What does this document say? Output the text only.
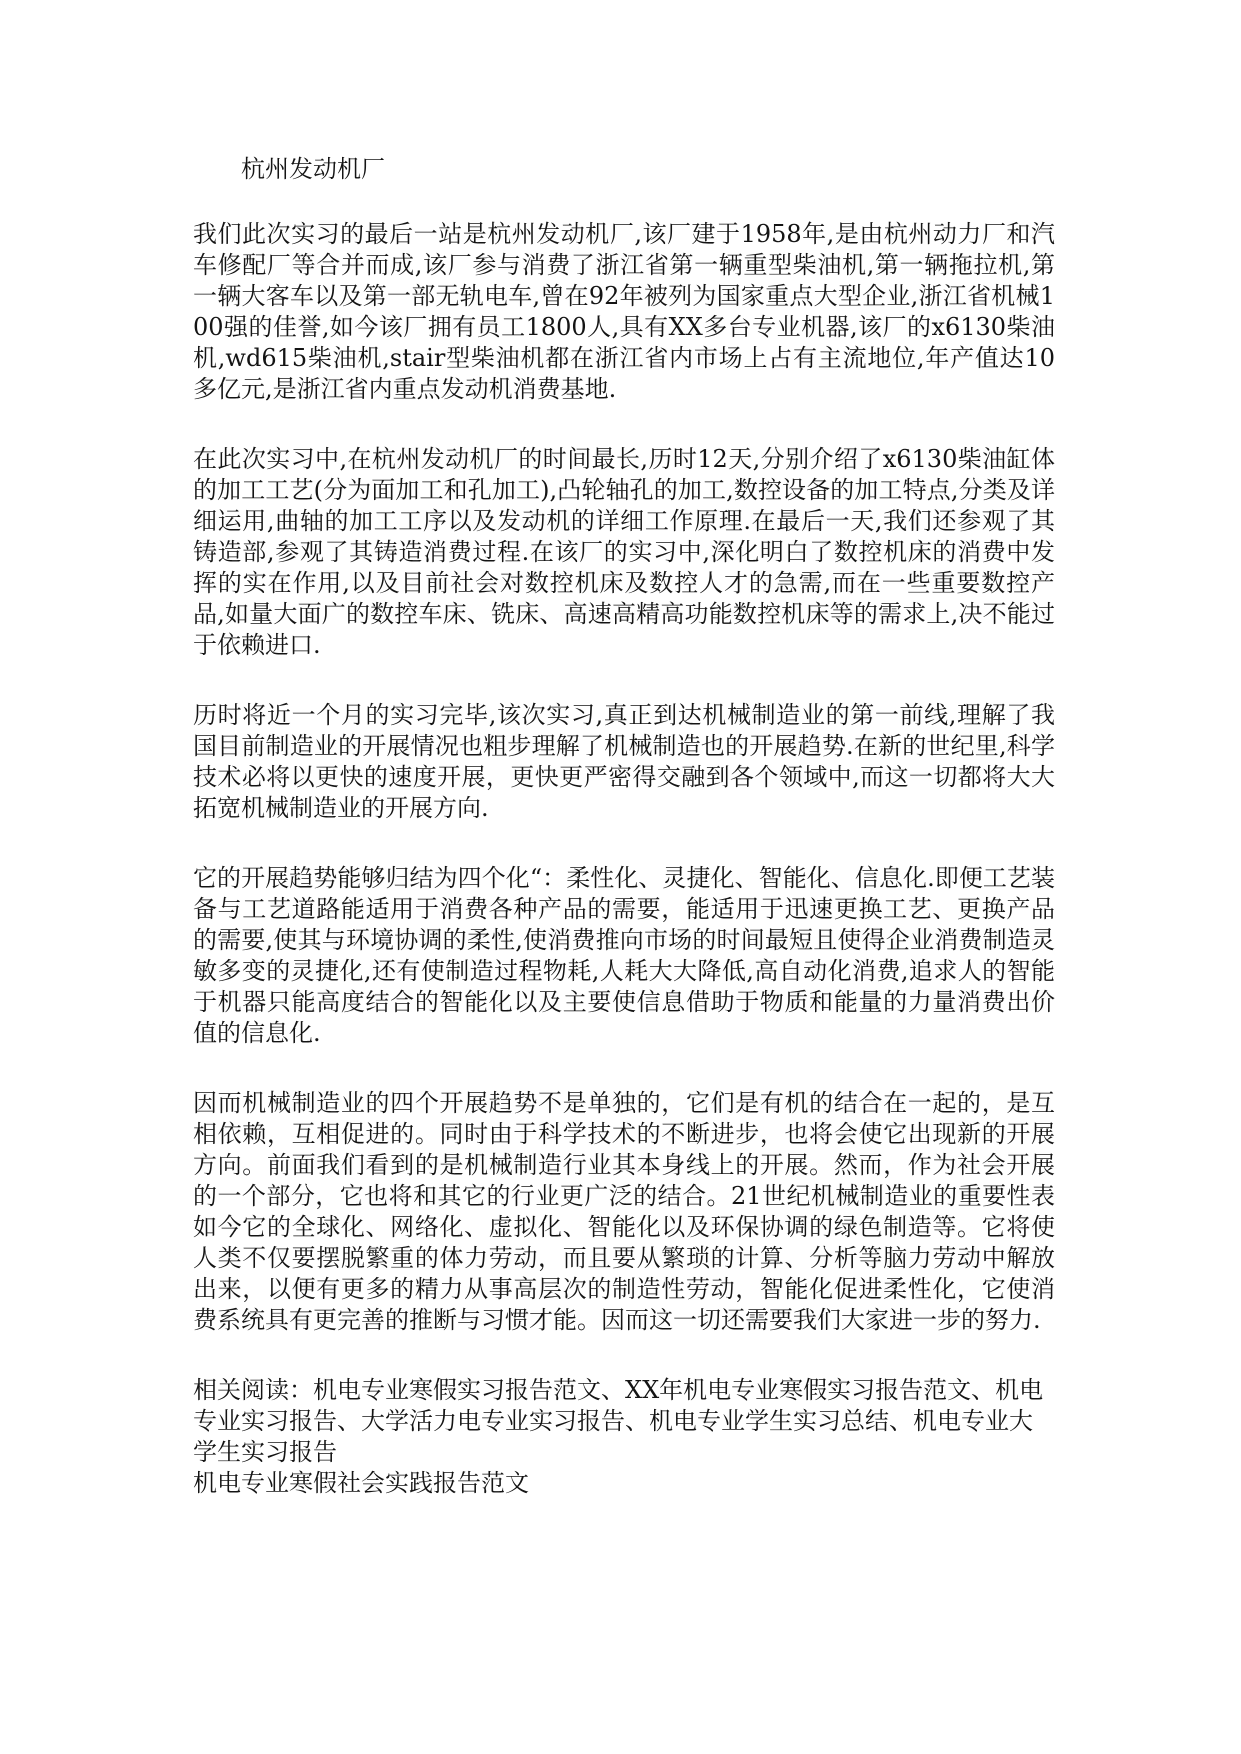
杭州发动机厂

我们此次实习的最后一站是杭州发动机厂,该厂建于1958年,是由杭州动力厂和汽车修配厂等合并而成,该厂参与消费了浙江省第一辆重型柴油机,第一辆拖拉机,第一辆大客车以及第一部无轨电车,曾在92年被列为国家重点大型企业,浙江省机械100强的佳誉,如今该厂拥有员工1800人,具有XX多台专业机器,该厂的x6130柴油机,wd615柴油机,stair型柴油机都在浙江省内市场上占有主流地位,年产值达10多亿元,是浙江省内重点发动机消费基地.

在此次实习中,在杭州发动机厂的时间最长,历时12天,分别介绍了x6130柴油缸体的加工工艺(分为面加工和孔加工),凸轮轴孔的加工,数控设备的加工特点,分类及详细运用,曲轴的加工工序以及发动机的详细工作原理.在最后一天,我们还参观了其铸造部,参观了其铸造消费过程.在该厂的实习中,深化明白了数控机床的消费中发挥的实在作用,以及目前社会对数控机床及数控人才的急需,而在一些重要数控产品,如量大面广的数控车床、铣床、高速高精高功能数控机床等的需求上,决不能过于依赖进口.

历时将近一个月的实习完毕,该次实习,真正到达机械制造业的第一前线,理解了我国目前制造业的开展情况也粗步理解了机械制造也的开展趋势.在新的世纪里,科学技术必将以更快的速度开展，更快更严密得交融到各个领域中,而这一切都将大大拓宽机械制造业的开展方向.

它的开展趋势能够归结为四个化“：柔性化、灵捷化、智能化、信息化.即便工艺装备与工艺道路能适用于消费各种产品的需要，能适用于迅速更换工艺、更换产品的需要,使其与环境协调的柔性,使消费推向市场的时间最短且使得企业消费制造灵敏多变的灵捷化,还有使制造过程物耗,人耗大大降低,高自动化消费,追求人的智能于机器只能高度结合的智能化以及主要使信息借助于物质和能量的力量消费出价值的信息化.

因而机械制造业的四个开展趋势不是单独的，它们是有机的结合在一起的，是互相依赖，互相促进的。同时由于科学技术的不断进步，也将会使它出现新的开展方向。前面我们看到的是机械制造行业其本身线上的开展。然而，作为社会开展的一个部分，它也将和其它的行业更广泛的结合。21世纪机械制造业的重要性表如今它的全球化、网络化、虚拟化、智能化以及环保协调的绿色制造等。它将使人类不仅要摆脱繁重的体力劳动，而且要从繁琐的计算、分析等脑力劳动中解放出来，以便有更多的精力从事高层次的制造性劳动，智能化促进柔性化，它使消费系统具有更完善的推断与习惯才能。因而这一切还需要我们大家进一步的努力.

相关阅读：机电专业寒假实习报告范文、XX年机电专业寒假实习报告范文、机电专业实习报告、大学活力电专业实习报告、机电专业学生实习总结、机电专业大学生实习报告

机电专业寒假社会实践报告范文
